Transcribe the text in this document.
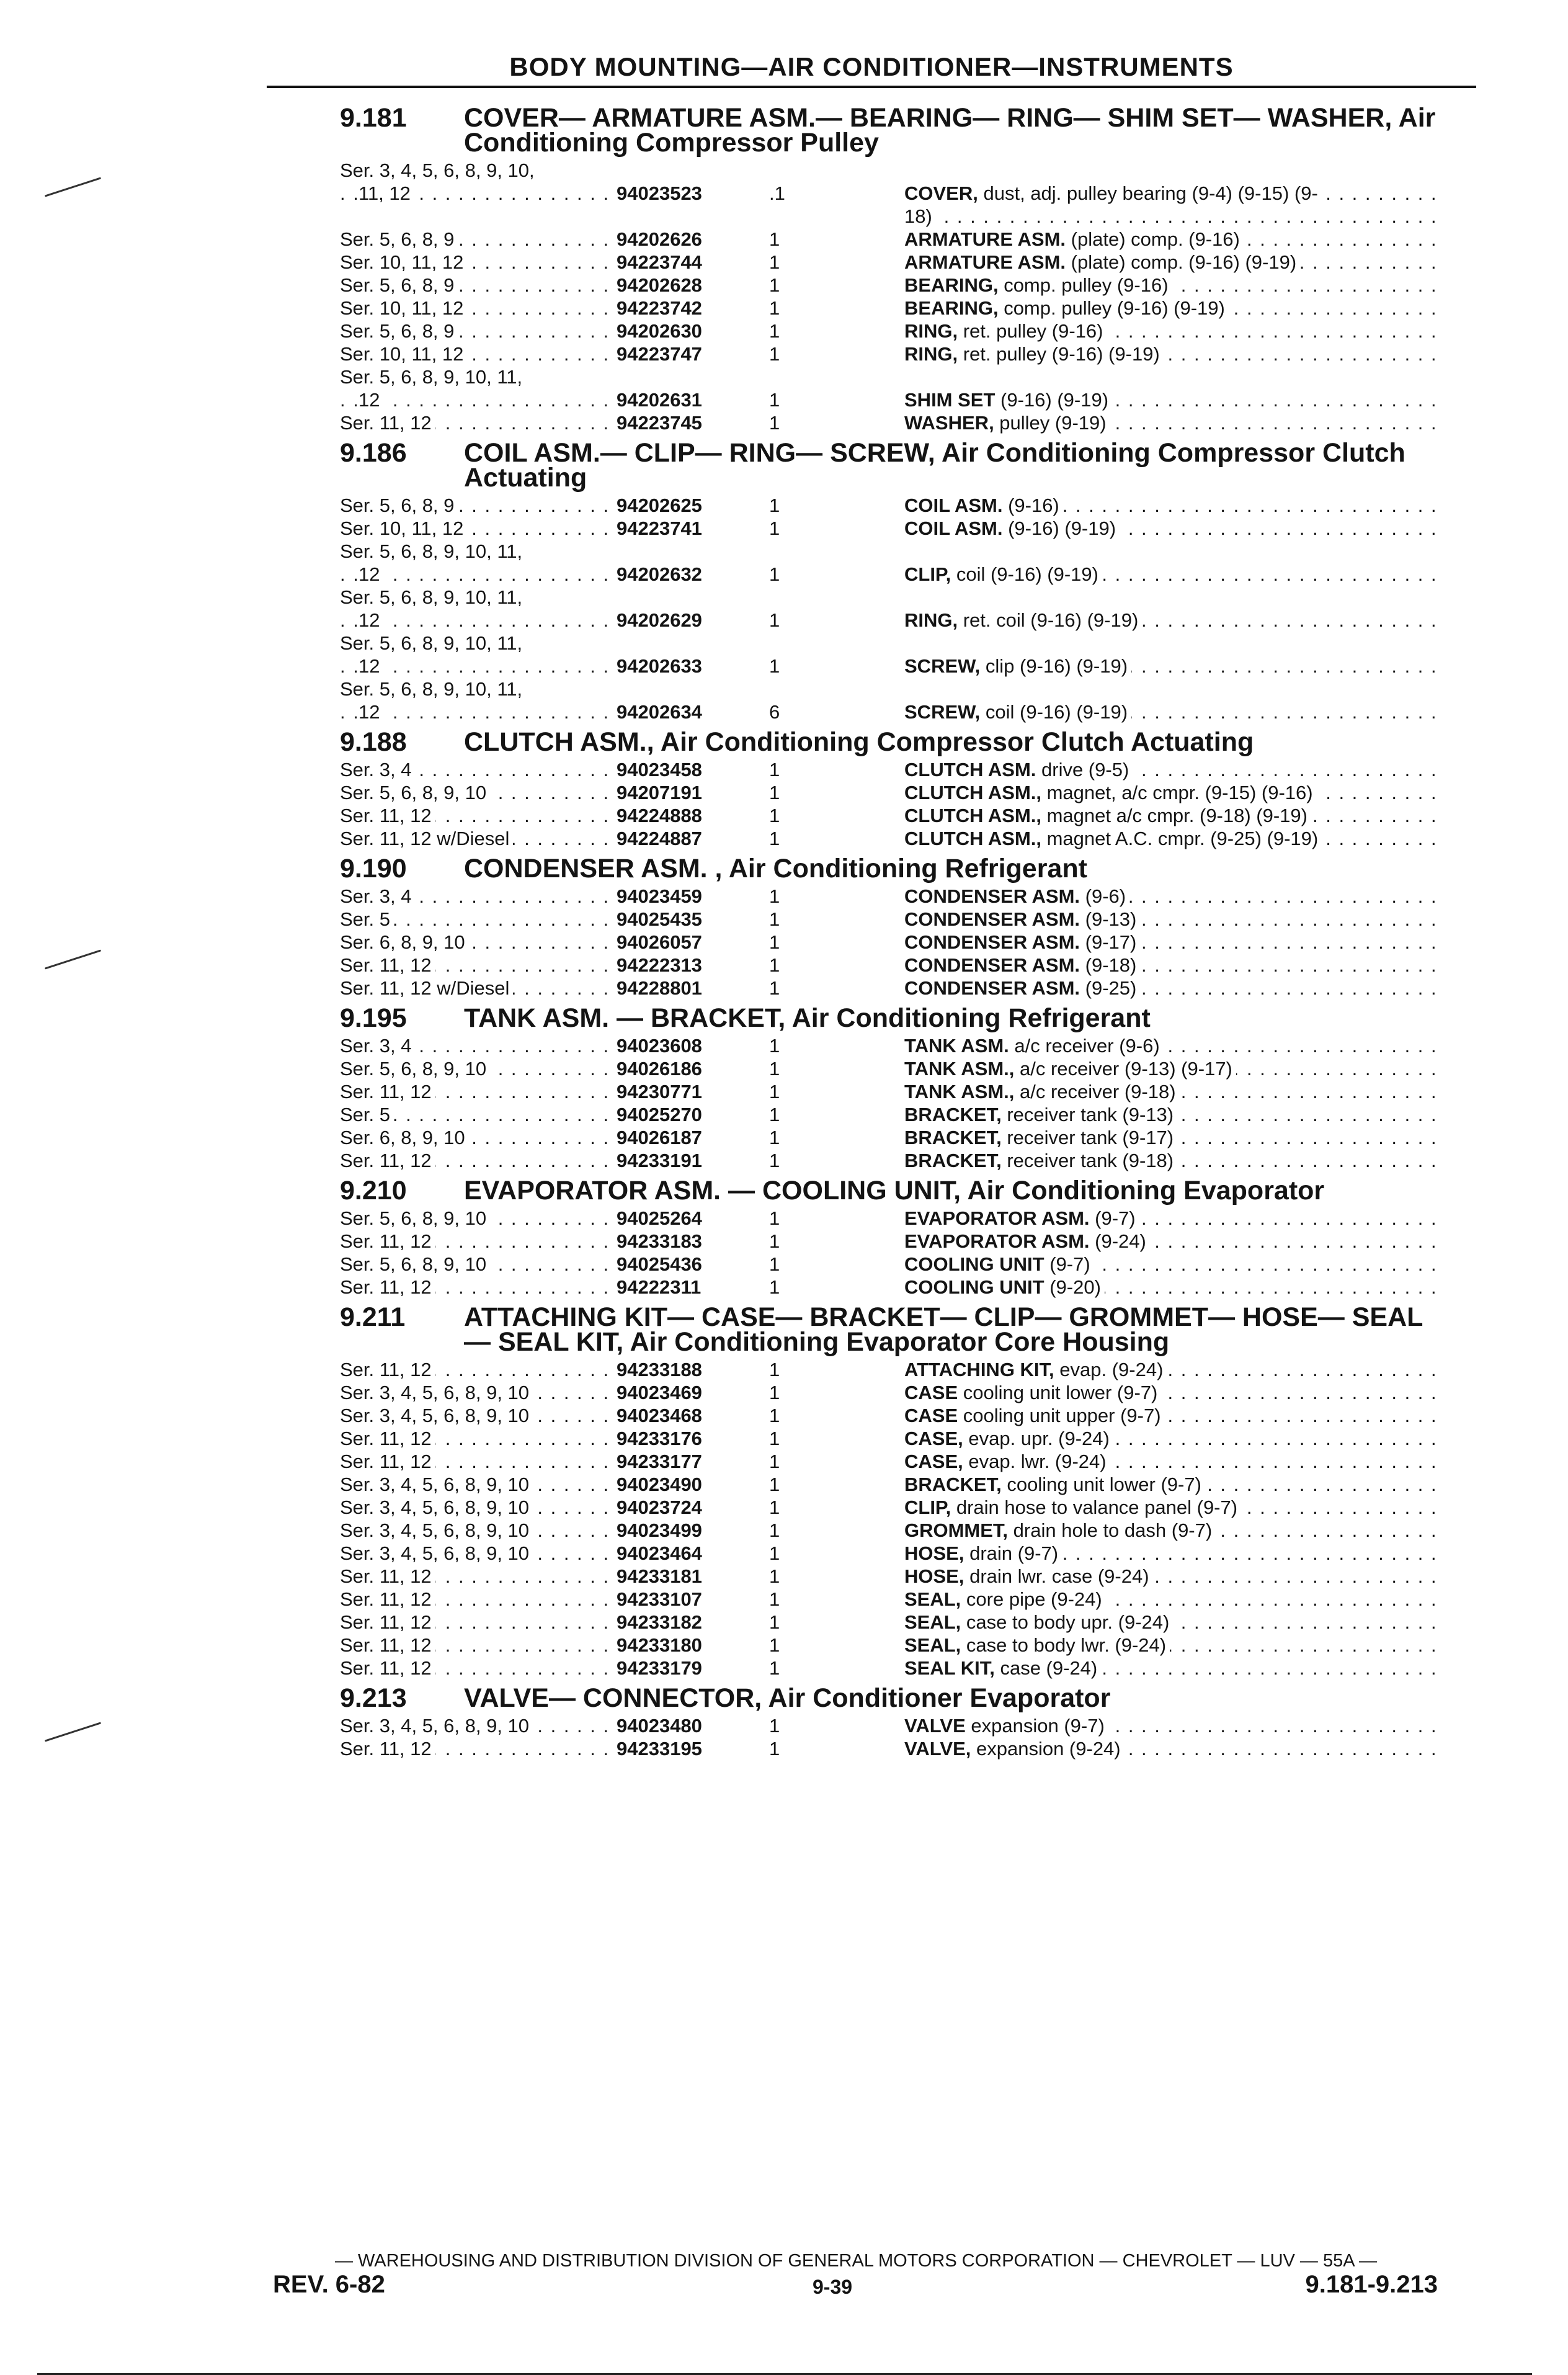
BODY MOUNTING—AIR CONDITIONER—INSTRUMENTS
9.181	COVER— ARMATURE ASM.— BEARING— RING— SHIM SET— WASHER, Air Conditioning Compressor Pulley
Ser. 3, 4, 5, 6, 8, 9, 10,
11, 12 . . .	94023523	.1	COVER, dust, adj. pulley bearing (9-4) (9-15) (9- . . .
18) . . .
Ser. 5, 6, 8, 9 . . .	94202626	1	ARMATURE ASM. (plate) comp. (9-16) . . .
Ser. 10, 11, 12 . . .	94223744	1	ARMATURE ASM. (plate) comp. (9-16) (9-19) . . .
Ser. 5, 6, 8, 9 . . .	94202628	1	BEARING, comp. pulley (9-16) . . .
Ser. 10, 11, 12 . . .	94223742	1	BEARING, comp. pulley (9-16) (9-19) . . .
Ser. 5, 6, 8, 9 . . .	94202630	1	RING, ret. pulley (9-16) . . .
Ser. 10, 11, 12 . . .	94223747	1	RING, ret. pulley (9-16) (9-19) . . .
Ser. 5, 6, 8, 9, 10, 11,
12 . . .	94202631	1	SHIM SET (9-16) (9-19) . . .
Ser. 11, 12 . . .	94223745	1	WASHER, pulley (9-19) . . .
9.186	COIL ASM.— CLIP— RING— SCREW, Air Conditioning Compressor Clutch Actuating
Ser. 5, 6, 8, 9 . . .	94202625	1	COIL ASM. (9-16) . . .
Ser. 10, 11, 12 . . .	94223741	1	COIL ASM. (9-16) (9-19) . . .
Ser. 5, 6, 8, 9, 10, 11,
12 . . .	94202632	1	CLIP, coil (9-16) (9-19) . . .
Ser. 5, 6, 8, 9, 10, 11,
12 . . .	94202629	1	RING, ret. coil (9-16) (9-19) . . .
Ser. 5, 6, 8, 9, 10, 11,
12 . . .	94202633	1	SCREW, clip (9-16) (9-19) . . .
Ser. 5, 6, 8, 9, 10, 11,
12 . . .	94202634	6	SCREW, coil (9-16) (9-19) . . .
9.188	CLUTCH ASM., Air Conditioning Compressor Clutch Actuating
Ser. 3, 4 . . .	94023458	1	CLUTCH ASM. drive (9-5) . . .
Ser. 5, 6, 8, 9, 10 . . .	94207191	1	CLUTCH ASM., magnet, a/c cmpr. (9-15) (9-16) . . .
Ser. 11, 12 . . .	94224888	1	CLUTCH ASM., magnet a/c cmpr. (9-18) (9-19) . . .
Ser. 11, 12 w/Diesel . . .	94224887	1	CLUTCH ASM., magnet A.C. cmpr. (9-25) (9-19) . . .
9.190	CONDENSER ASM. , Air Conditioning Refrigerant
Ser. 3, 4 . . .	94023459	1	CONDENSER ASM. (9-6) . . .
Ser. 5 . . .	94025435	1	CONDENSER ASM. (9-13) . . .
Ser. 6, 8, 9, 10 . . .	94026057	1	CONDENSER ASM. (9-17) . . .
Ser. 11, 12 . . .	94222313	1	CONDENSER ASM. (9-18) . . .
Ser. 11, 12 w/Diesel . . .	94228801	1	CONDENSER ASM. (9-25) . . .
9.195	TANK ASM. — BRACKET, Air Conditioning Refrigerant
Ser. 3, 4 . . .	94023608	1	TANK ASM. a/c receiver (9-6) . . .
Ser. 5, 6, 8, 9, 10 . . .	94026186	1	TANK ASM., a/c receiver (9-13) (9-17) . . .
Ser. 11, 12 . . .	94230771	1	TANK ASM., a/c receiver (9-18) . . .
Ser. 5 . . .	94025270	1	BRACKET, receiver tank (9-13) . . .
Ser. 6, 8, 9, 10 . . .	94026187	1	BRACKET, receiver tank (9-17) . . .
Ser. 11, 12 . . .	94233191	1	BRACKET, receiver tank (9-18) . . .
9.210	EVAPORATOR ASM. — COOLING UNIT, Air Conditioning Evaporator
Ser. 5, 6, 8, 9, 10 . . .	94025264	1	EVAPORATOR ASM. (9-7) . . .
Ser. 11, 12 . . .	94233183	1	EVAPORATOR ASM. (9-24) . . .
Ser. 5, 6, 8, 9, 10 . . .	94025436	1	COOLING UNIT (9-7) . . .
Ser. 11, 12 . . .	94222311	1	COOLING UNIT (9-20) . . .
9.211	ATTACHING KIT— CASE— BRACKET— CLIP— GROMMET— HOSE— SEAL— SEAL KIT, Air Conditioning Evaporator Core Housing
Ser. 11, 12 . . .	94233188	1	ATTACHING KIT, evap. (9-24) . . .
Ser. 3, 4, 5, 6, 8, 9, 10 . . .	94023469	1	CASE cooling unit lower (9-7) . . .
Ser. 3, 4, 5, 6, 8, 9, 10 . . .	94023468	1	CASE cooling unit upper (9-7) . . .
Ser. 11, 12 . . .	94233176	1	CASE, evap. upr. (9-24) . . .
Ser. 11, 12 . . .	94233177	1	CASE, evap. lwr. (9-24) . . .
Ser. 3, 4, 5, 6, 8, 9, 10 . . .	94023490	1	BRACKET, cooling unit lower (9-7) . . .
Ser. 3, 4, 5, 6, 8, 9, 10 . . .	94023724	1	CLIP, drain hose to valance panel (9-7) . . .
Ser. 3, 4, 5, 6, 8, 9, 10 . . .	94023499	1	GROMMET, drain hole to dash (9-7) . . .
Ser. 3, 4, 5, 6, 8, 9, 10 . . .	94023464	1	HOSE, drain (9-7) . . .
Ser. 11, 12 . . .	94233181	1	HOSE, drain lwr. case (9-24) . . .
Ser. 11, 12 . . .	94233107	1	SEAL, core pipe (9-24) . . .
Ser. 11, 12 . . .	94233182	1	SEAL, case to body upr. (9-24) . . .
Ser. 11, 12 . . .	94233180	1	SEAL, case to body lwr. (9-24) . . .
Ser. 11, 12 . . .	94233179	1	SEAL KIT, case (9-24) . . .
9.213	VALVE— CONNECTOR, Air Conditioner Evaporator
Ser. 3, 4, 5, 6, 8, 9, 10 . . .	94023480	1	VALVE expansion (9-7) . . .
Ser. 11, 12 . . .	94233195	1	VALVE, expansion (9-24) . . .
— WAREHOUSING AND DISTRIBUTION DIVISION OF GENERAL MOTORS CORPORATION — CHEVROLET — LUV — 55A —
REV. 6-82	9-39	9.181-9.213
